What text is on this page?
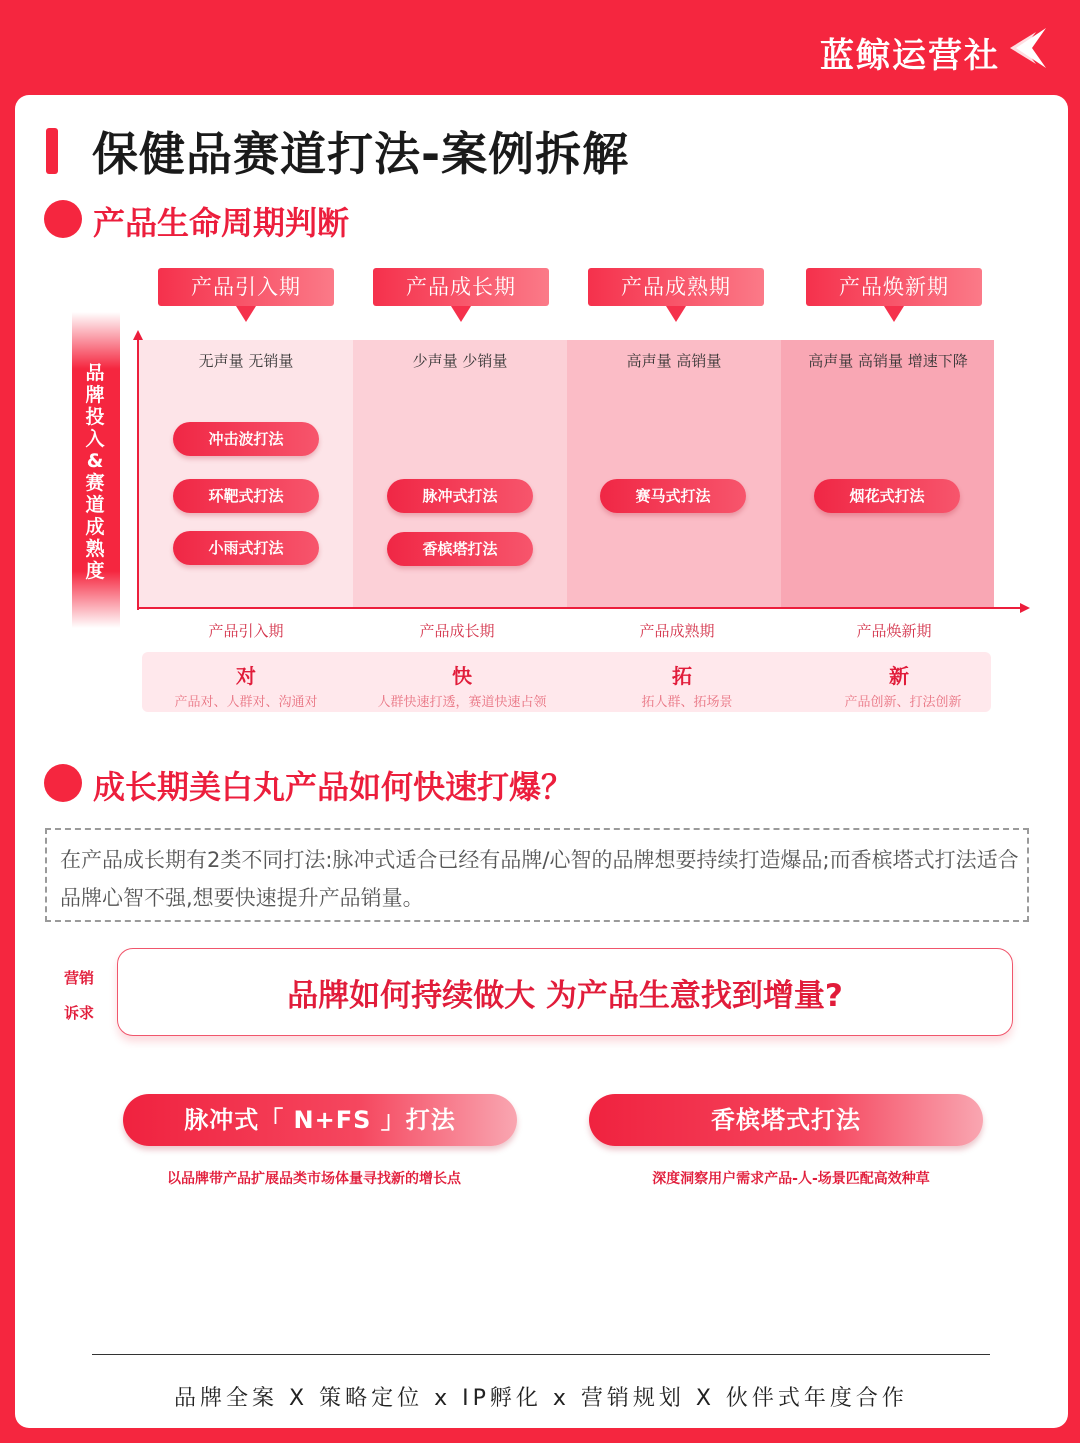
蓝鲸运营社
保健品赛道打法-案例拆解
产品生命周期判断
产品引入期	产品成长期	产品成熟期	产品焕新期
品牌投入&赛道成熟度
无声量 无销量	少声量 少销量	高声量 高销量	高声量 高销量 增速下降
冲击波打法
环靶式打法
小雨式打法
脉冲式打法
香槟塔打法
赛马式打法	烟花式打法
产品引入期	产品成长期	产品成熟期	产品焕新期
对	快	拓	新
产品对、人群对、沟通对	人群快速打透，赛道快速占领	拓人群、拓场景	产品创新、打法创新
成长期美白丸产品如何快速打爆？
在产品成长期有2类不同打法:脉冲式适合已经有品牌/心智的品牌想要持续打造爆品;而香槟塔式打法适合品牌心智不强,想要快速提升产品销量。
营销
诉求	品牌如何持续做大 为产品生意找到增量?
脉冲式「 N+FS 」打法	香槟塔式打法
以品牌带产品扩展品类市场体量寻找新的增长点	深度洞察用户需求产品-人-场景匹配高效种草
品牌全案 X 策略定位 x IP孵化 x 营销规划 X 伙伴式年度合作
